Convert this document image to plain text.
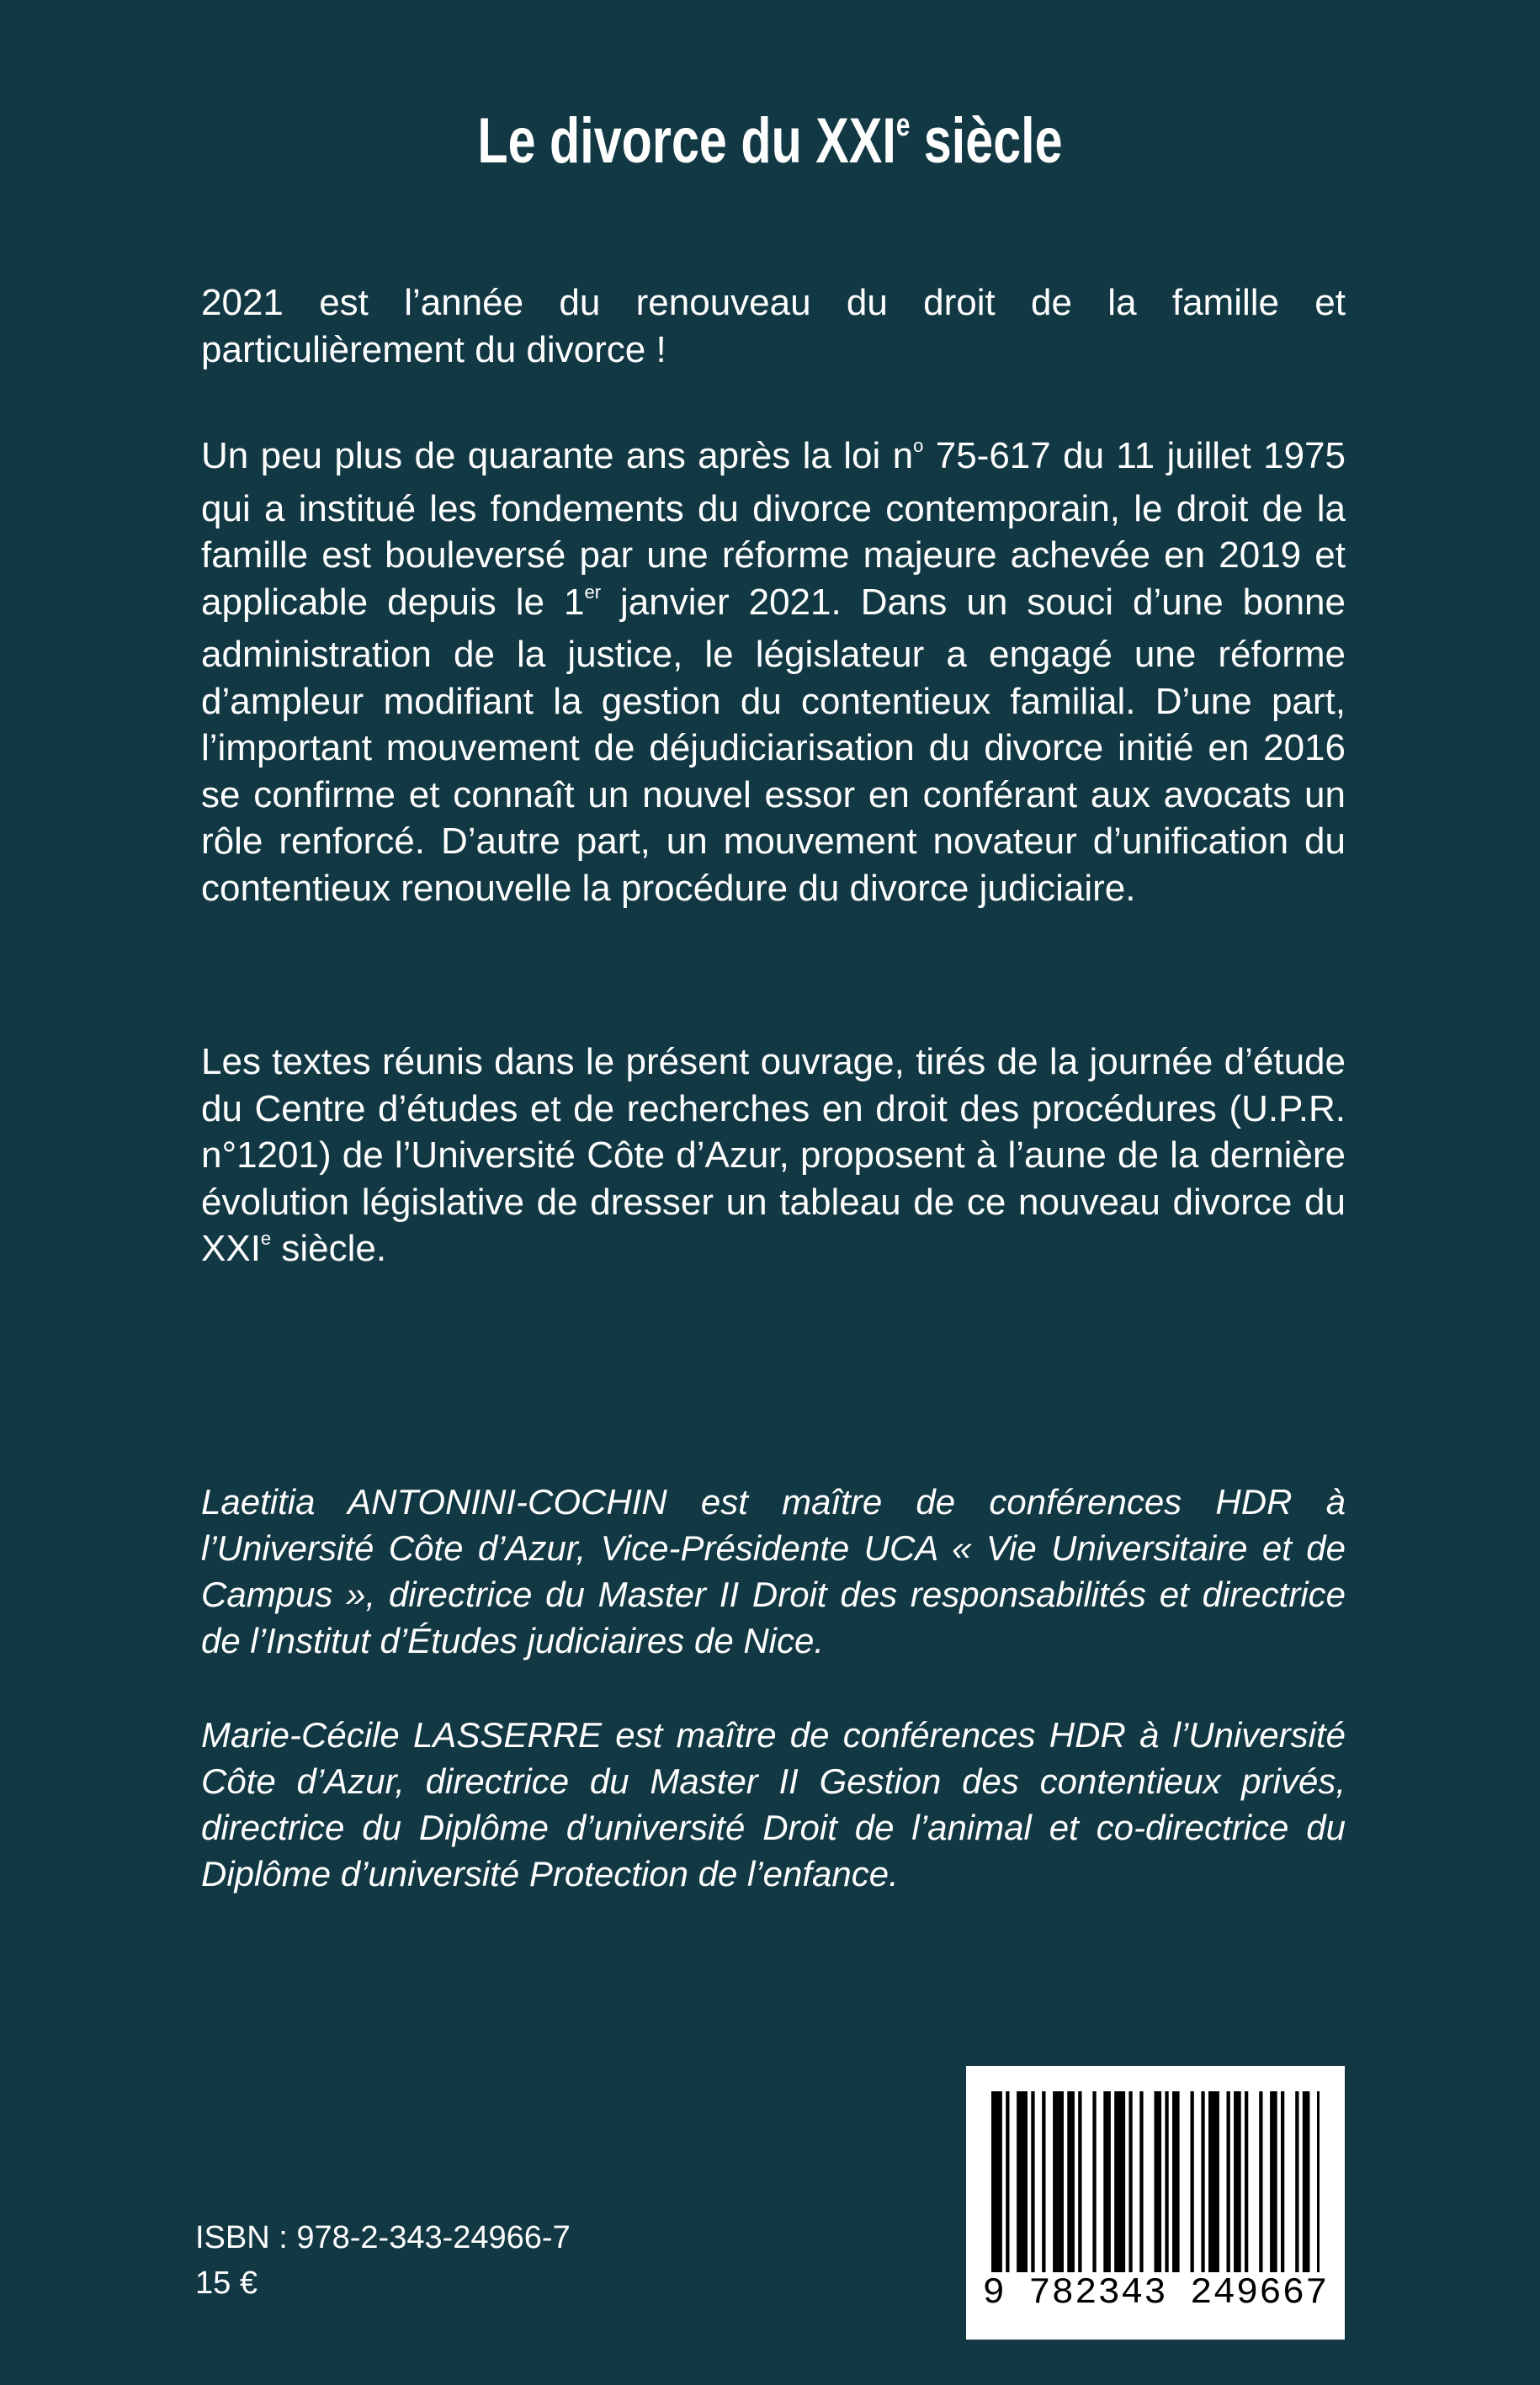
Le divorce du XXIe siècle

2021 est l’année du renouveau du droit de la famille et particulièrement du divorce !

Un peu plus de quarante ans après la loi $n^o$ 75-617 du 11 juillet 1975 qui a institué les fondements du divorce contemporain, le droit de la famille est bouleversé par une réforme majeure achevée en 2019 et applicable depuis le 1er janvier 2021. Dans un souci d’une bonne administration de la justice, le législateur a engagé une réforme d’ampleur modifiant la gestion du contentieux familial. D’une part, l’important mouvement de déjudiciarisation du divorce initié en 2016 se confirme et connaît un nouvel essor en conférant aux avocats un rôle renforcé. D’autre part, un mouvement novateur d’unification du contentieux renouvelle la procédure du divorce judiciaire.

Les textes réunis dans le présent ouvrage, tirés de la journée d’étude du Centre d’études et de recherches en droit des procédures (U.P.R. n°1201) de l’Université Côte d’Azur, proposent à l’aune de la dernière évolution législative de dresser un tableau de ce nouveau divorce du XXIe siècle.

Laetitia ANTONINI-COCHIN est maître de conférences HDR à l’Université Côte d’Azur, Vice-Présidente UCA « Vie Universitaire et de Campus », directrice du Master II Droit des responsabilités et directrice de l’Institut d’Études judiciaires de Nice.
Marie-Cécile LASSERRE est maître de conférences HDR à l’Université Côte d’Azur, directrice du Master II Gestion des contentieux privés, directrice du Diplôme d’université Droit de l’animal et co-directrice du Diplôme d’université Protection de l’enfance.
ISBN : 978-2-343-24966-7
15 €	9 782343 249667
